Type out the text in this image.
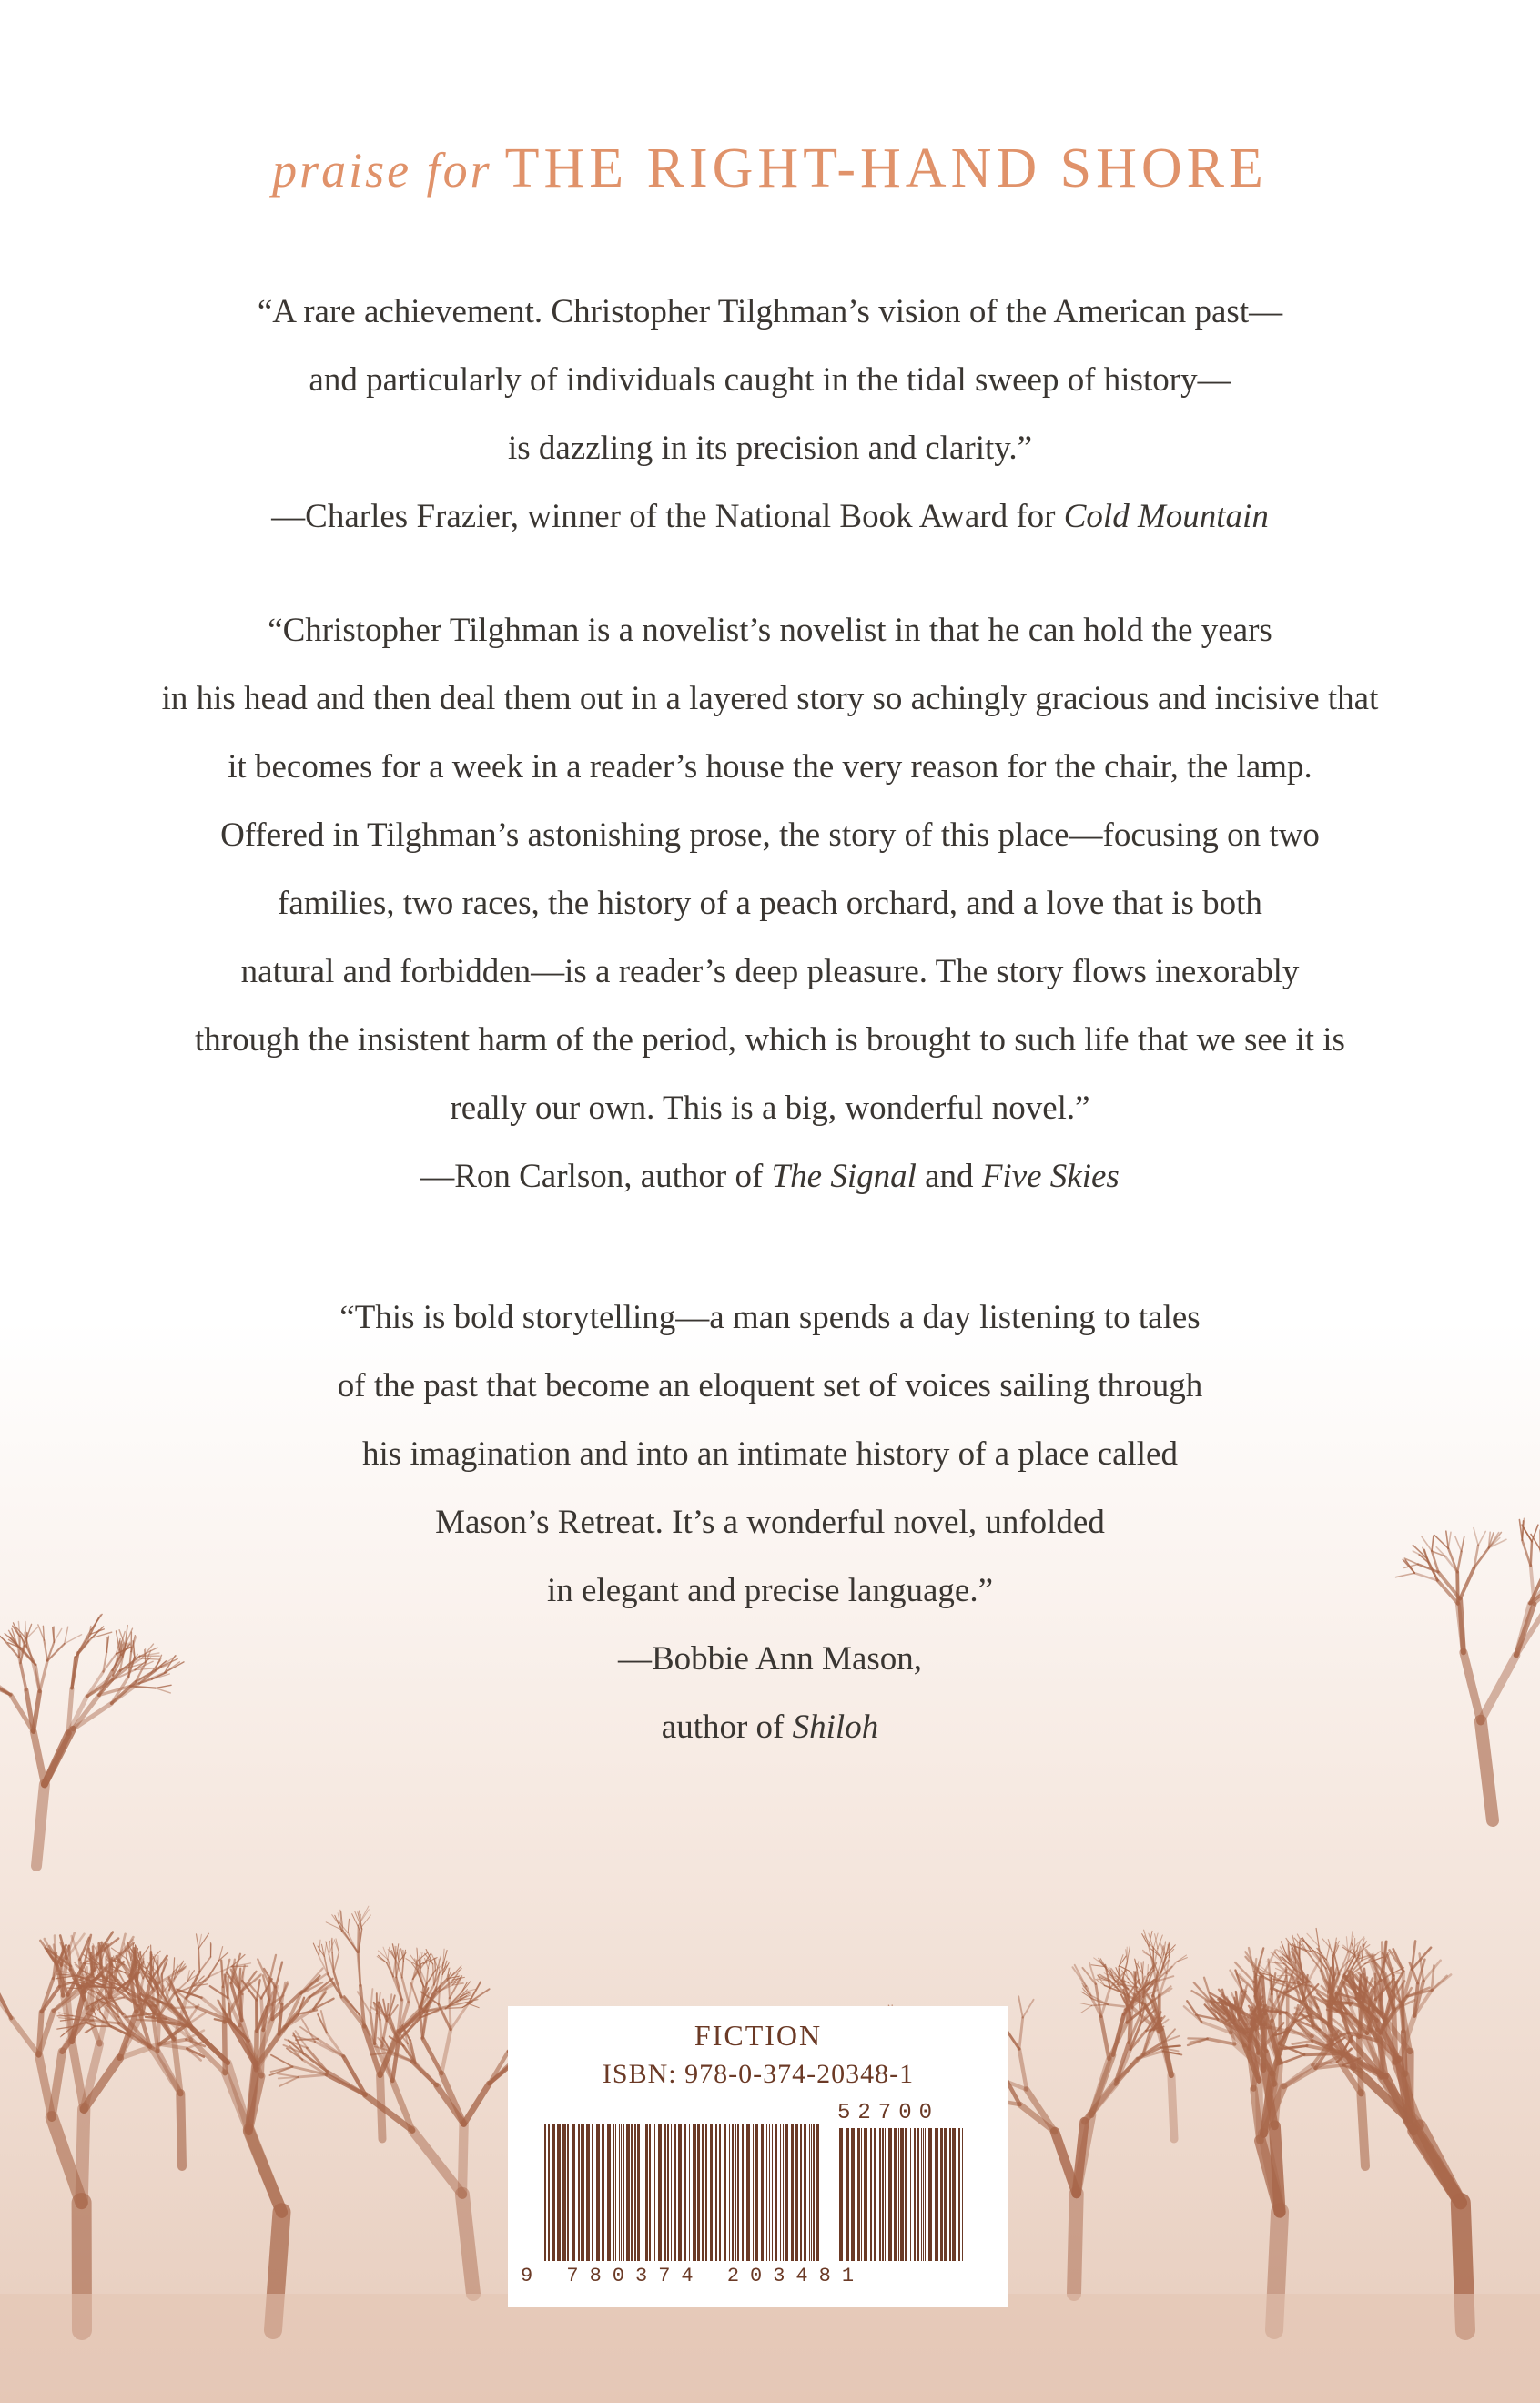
praise for THE RIGHT-HAND SHORE
“A rare achievement. Christopher Tilghman’s vision of the American past—
and particularly of individuals caught in the tidal sweep of history—
is dazzling in its precision and clarity.”
—Charles Frazier, winner of the National Book Award for Cold Mountain
“Christopher Tilghman is a novelist’s novelist in that he can hold the years
in his head and then deal them out in a layered story so achingly gracious and incisive that
it becomes for a week in a reader’s house the very reason for the chair, the lamp.
Offered in Tilghman’s astonishing prose, the story of this place—focusing on two
families, two races, the history of a peach orchard, and a love that is both
natural and forbidden—is a reader’s deep pleasure. The story flows inexorably
through the insistent harm of the period, which is brought to such life that we see it is
really our own. This is a big, wonderful novel.”
—Ron Carlson, author of The Signal and Five Skies
“This is bold storytelling—a man spends a day listening to tales
of the past that become an eloquent set of voices sailing through
his imagination and into an intimate history of a place called
Mason’s Retreat. It’s a wonderful novel, unfolded
in elegant and precise language.”
—Bobbie Ann Mason,
author of Shiloh
FICTION
ISBN: 978-0-374-20348-1
52700
9 780374 203481
